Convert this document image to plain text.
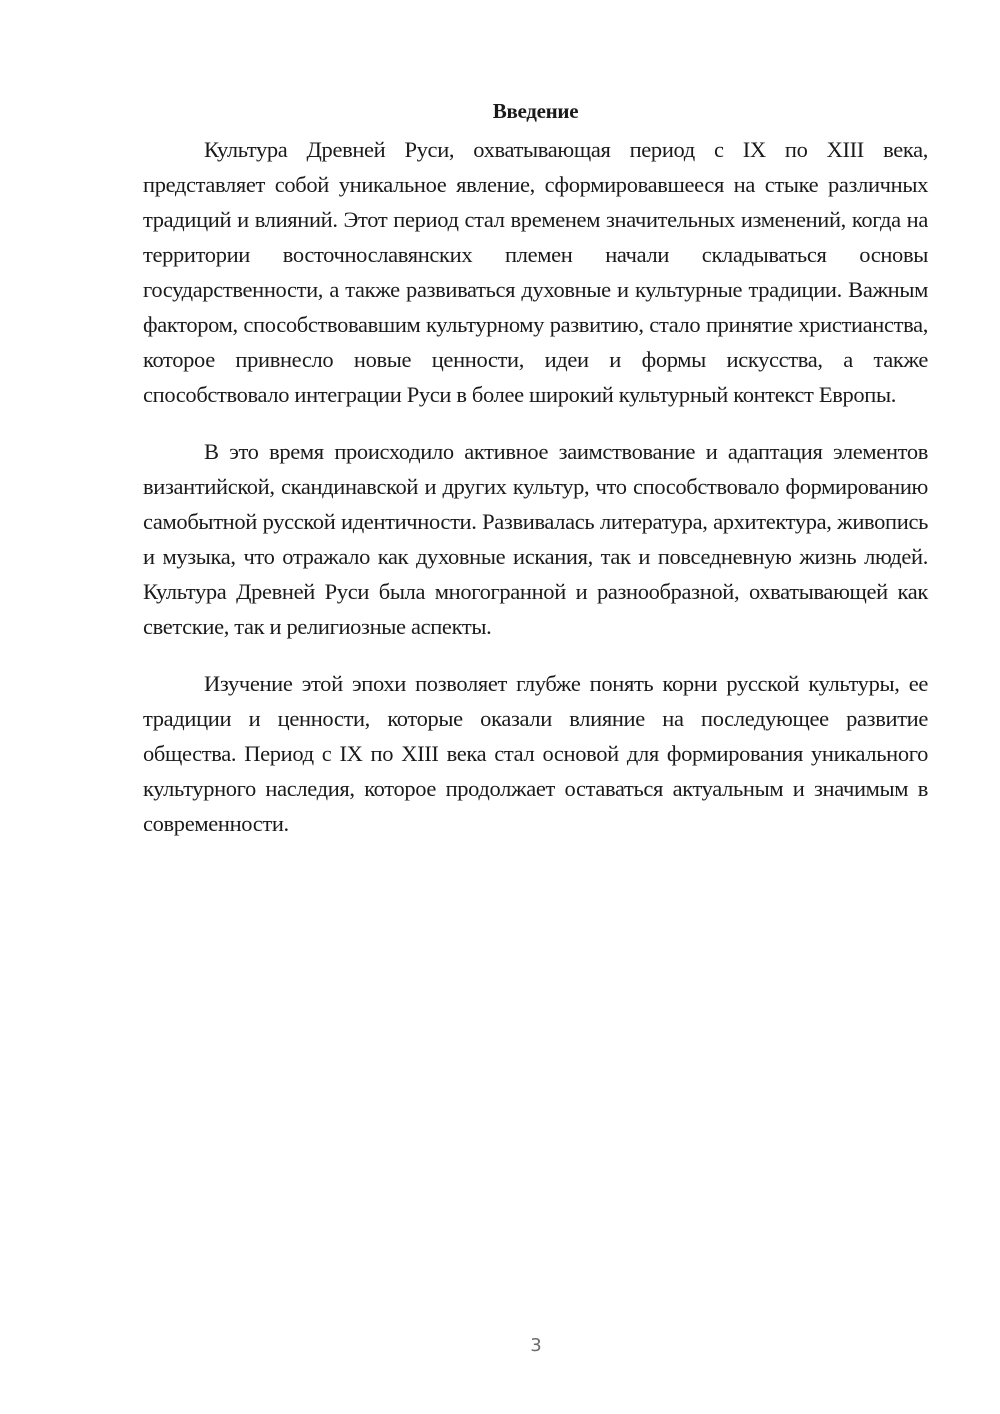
Введение

Культура Древней Руси, охватывающая период с IX по XIII века, представляет собой уникальное явление, сформировавшееся на стыке различных традиций и влияний. Этот период стал временем значительных изменений, когда на территории восточнославянских племен начали складываться основы государственности, а также развиваться духовные и культурные традиции. Важным фактором, способствовавшим культурному развитию, стало принятие христианства, которое привнесло новые ценности, идеи и формы искусства, а также способствовало интеграции Руси в более широкий культурный контекст Европы.

В это время происходило активное заимствование и адаптация элементов византийской, скандинавской и других культур, что способствовало формированию самобытной русской идентичности. Развивалась литература, архитектура, живопись и музыка, что отражало как духовные искания, так и повседневную жизнь людей. Культура Древней Руси была многогранной и разнообразной, охватывающей как светские, так и религиозные аспекты.

Изучение этой эпохи позволяет глубже понять корни русской культуры, ее традиции и ценности, которые оказали влияние на последующее развитие общества. Период с IX по XIII века стал основой для формирования уникального культурного наследия, которое продолжает оставаться актуальным и значимым в современности.

3
